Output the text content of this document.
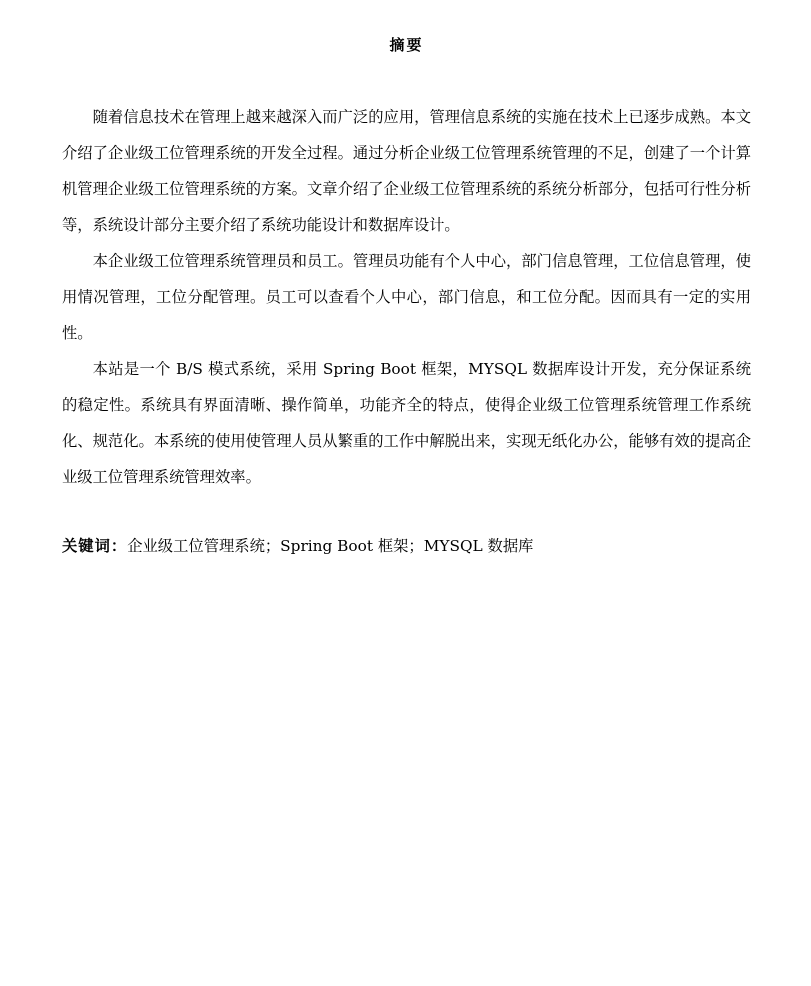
摘要

随着信息技术在管理上越来越深入而广泛的应用，管理信息系统的实施在技术上已逐步成熟。本文介绍了企业级工位管理系统的开发全过程。通过分析企业级工位管理系统管理的不足，创建了一个计算机管理企业级工位管理系统的方案。文章介绍了企业级工位管理系统的系统分析部分，包括可行性分析等，系统设计部分主要介绍了系统功能设计和数据库设计。

本企业级工位管理系统管理员和员工。管理员功能有个人中心，部门信息管理，工位信息管理，使用情况管理，工位分配管理。员工可以查看个人中心，部门信息，和工位分配。因而具有一定的实用性。

本站是一个 B/S 模式系统，采用 Spring Boot 框架，MYSQL 数据库设计开发，充分保证系统的稳定性。系统具有界面清晰、操作简单，功能齐全的特点，使得企业级工位管理系统管理工作系统化、规范化。本系统的使用使管理人员从繁重的工作中解脱出来，实现无纸化办公，能够有效的提高企业级工位管理系统管理效率。

关键词：企业级工位管理系统；Spring Boot 框架；MYSQL 数据库
